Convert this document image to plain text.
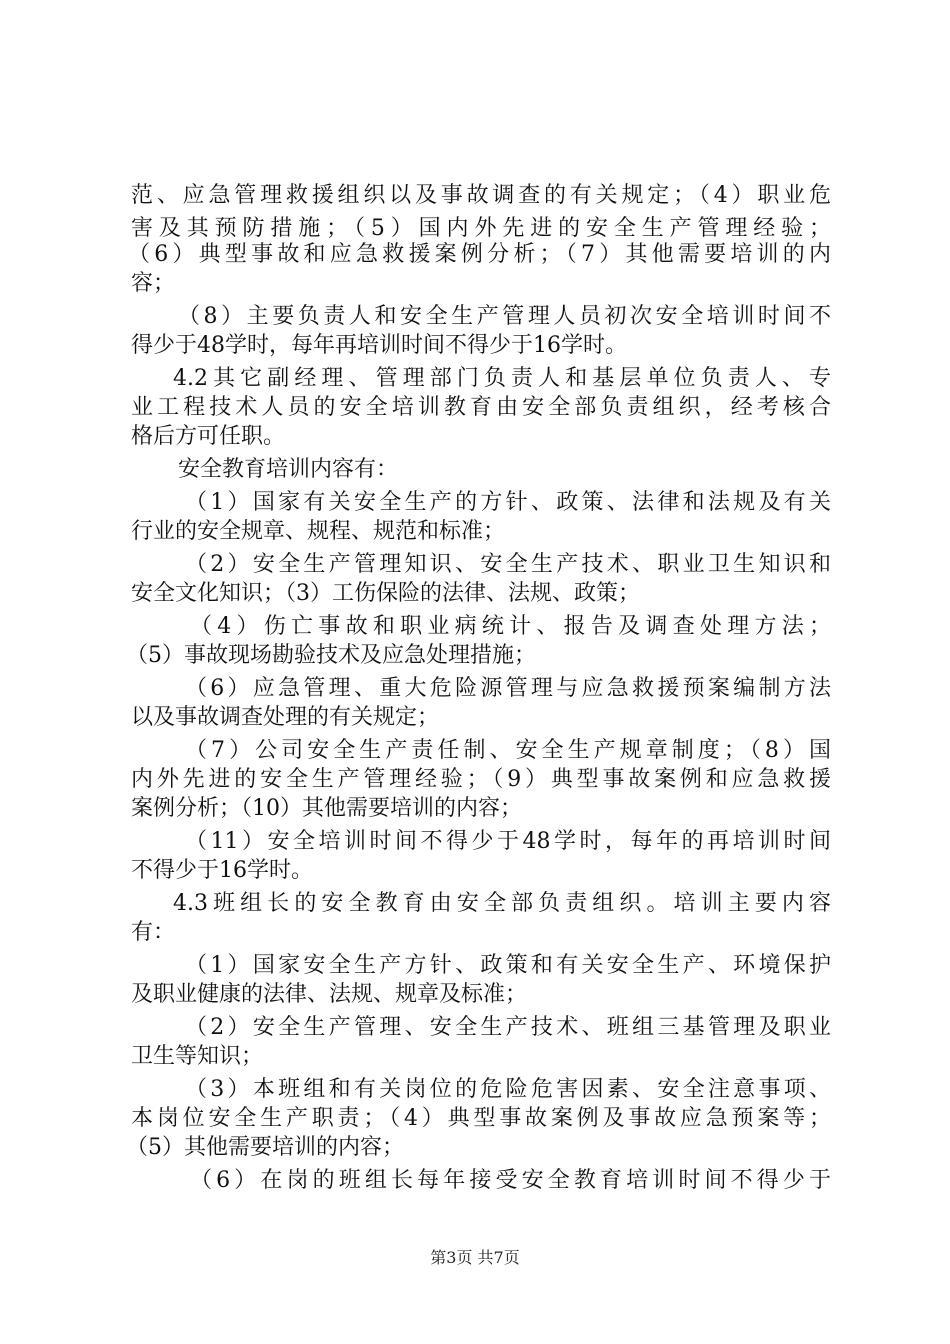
范、应急管理救援组织以及事故调查的有关规定；（4）职业危
害及其预防措施；（5）国内外先进的安全生产管理经验；
（6）典型事故和应急救援案例分析；（7）其他需要培训的内
容；
（8）主要负责人和安全生产管理人员初次安全培训时间不
得少于48学时，每年再培训时间不得少于16学时。
4.2其它副经理、管理部门负责人和基层单位负责人、专
业工程技术人员的安全培训教育由安全部负责组织，经考核合
格后方可任职。
安全教育培训内容有：
（1）国家有关安全生产的方针、政策、法律和法规及有关
行业的安全规章、规程、规范和标准；
（2）安全生产管理知识、安全生产技术、职业卫生知识和
安全文化知识；（3）工伤保险的法律、法规、政策；
（4）伤亡事故和职业病统计、报告及调查处理方法；
（5）事故现场勘验技术及应急处理措施；
（6）应急管理、重大危险源管理与应急救援预案编制方法
以及事故调查处理的有关规定；
（7）公司安全生产责任制、安全生产规章制度；（8）国
内外先进的安全生产管理经验；（9）典型事故案例和应急救援
案例分析；（10）其他需要培训的内容；
（11）安全培训时间不得少于48学时，每年的再培训时间
不得少于16学时。
4.3班组长的安全教育由安全部负责组织。培训主要内容
有：
（1）国家安全生产方针、政策和有关安全生产、环境保护
及职业健康的法律、法规、规章及标准；
（2）安全生产管理、安全生产技术、班组三基管理及职业
卫生等知识；
（3）本班组和有关岗位的危险危害因素、安全注意事项、
本岗位安全生产职责；（4）典型事故案例及事故应急预案等；
（5）其他需要培训的内容；
（6）在岗的班组长每年接受安全教育培训时间不得少于
第3页 共7页
